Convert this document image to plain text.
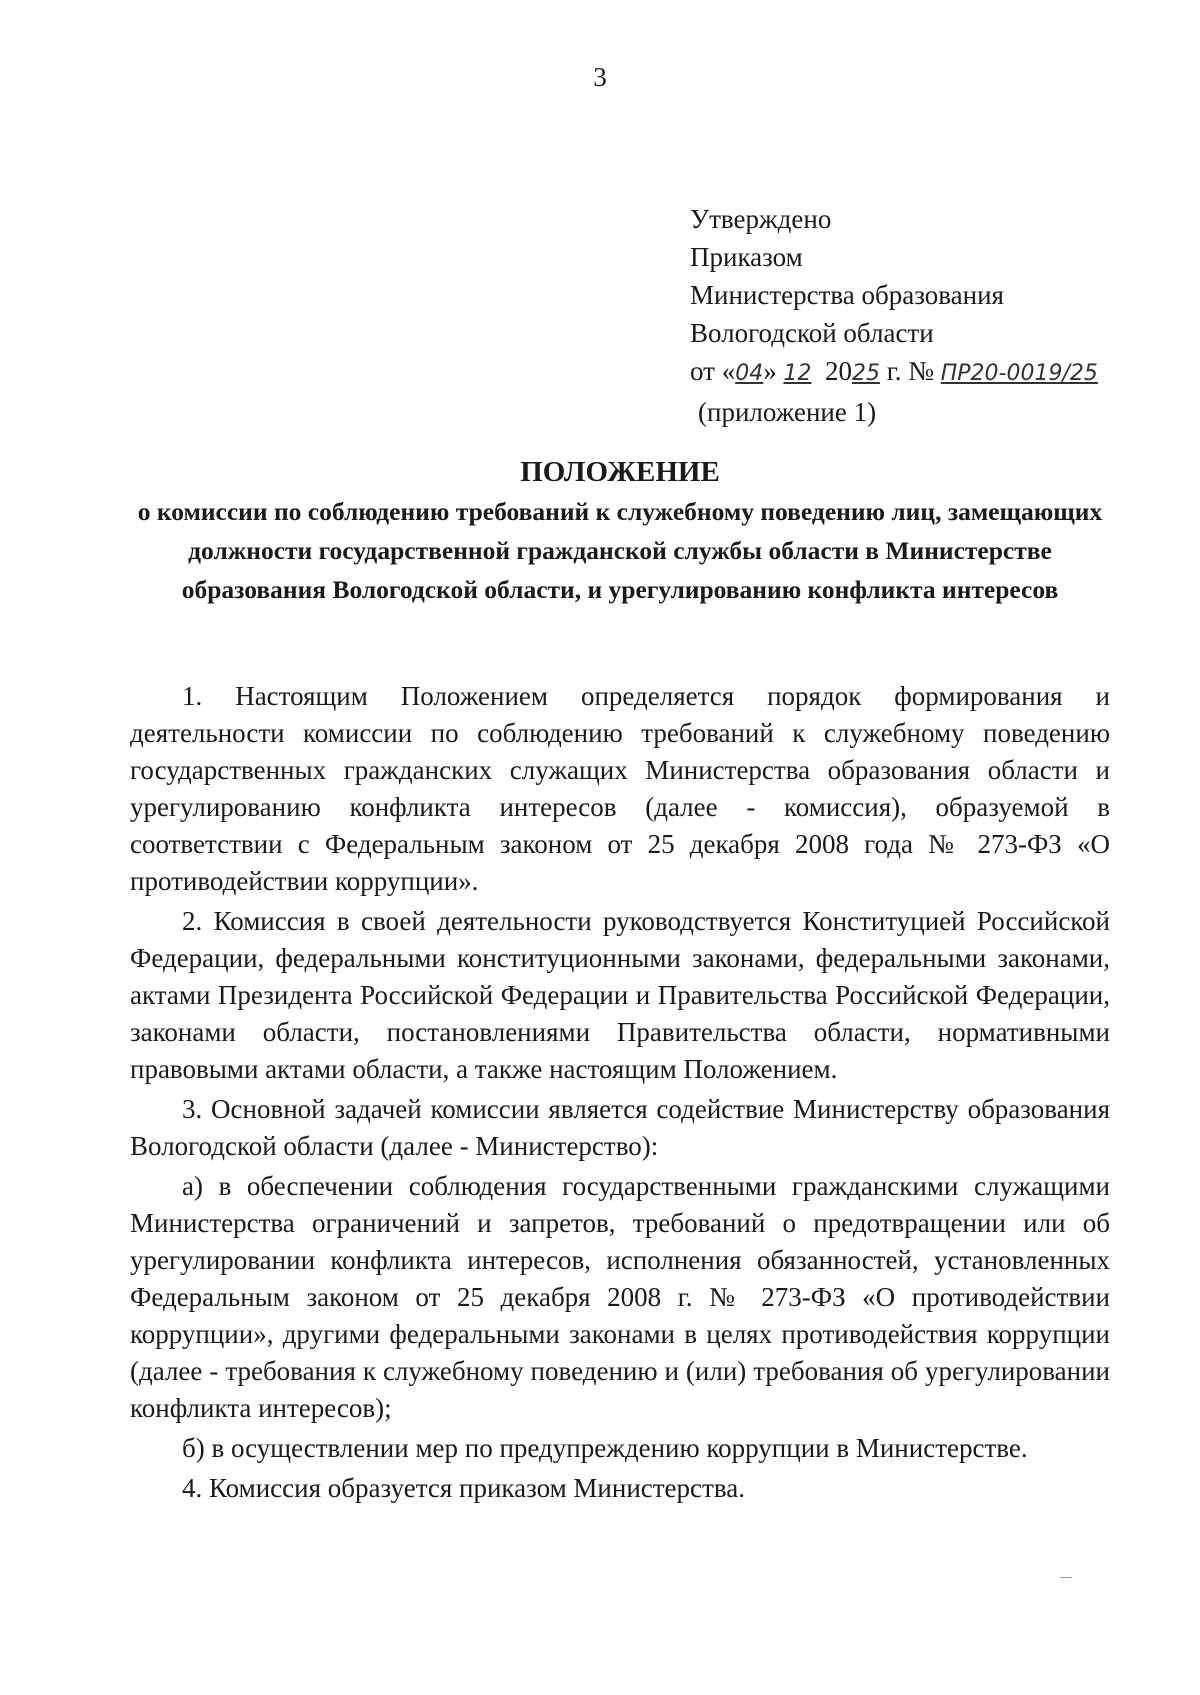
3
Утверждено
Приказом
Министерства образования
Вологодской области
от «04» 12 2025 г. № ПР20-0019/25
(приложение 1)
ПОЛОЖЕНИЕ
о комиссии по соблюдению требований к служебному поведению лиц, замещающих должности государственной гражданской службы области в Министерстве образования Вологодской области, и урегулированию конфликта интересов

1. Настоящим Положением определяется порядок формирования и деятельности комиссии по соблюдению требований к служебному поведению государственных гражданских служащих Министерства образования области и урегулированию конфликта интересов (далее - комиссия), образуемой в соответствии с Федеральным законом от 25 декабря 2008 года № 273-ФЗ «О противодействии коррупции».

2. Комиссия в своей деятельности руководствуется Конституцией Российской Федерации, федеральными конституционными законами, федеральными законами, актами Президента Российской Федерации и Правительства Российской Федерации, законами области, постановлениями Правительства области, нормативными правовыми актами области, а также настоящим Положением.

3. Основной задачей комиссии является содействие Министерству образования Вологодской области (далее - Министерство):

а) в обеспечении соблюдения государственными гражданскими служащими Министерства ограничений и запретов, требований о предотвращении или об урегулировании конфликта интересов, исполнения обязанностей, установленных Федеральным законом от 25 декабря 2008 г. № 273-ФЗ «О противодействии коррупции», другими федеральными законами в целях противодействия коррупции (далее - требования к служебному поведению и (или) требования об урегулировании конфликта интересов);

б) в осуществлении мер по предупреждению коррупции в Министерстве.

4. Комиссия образуется приказом Министерства.
